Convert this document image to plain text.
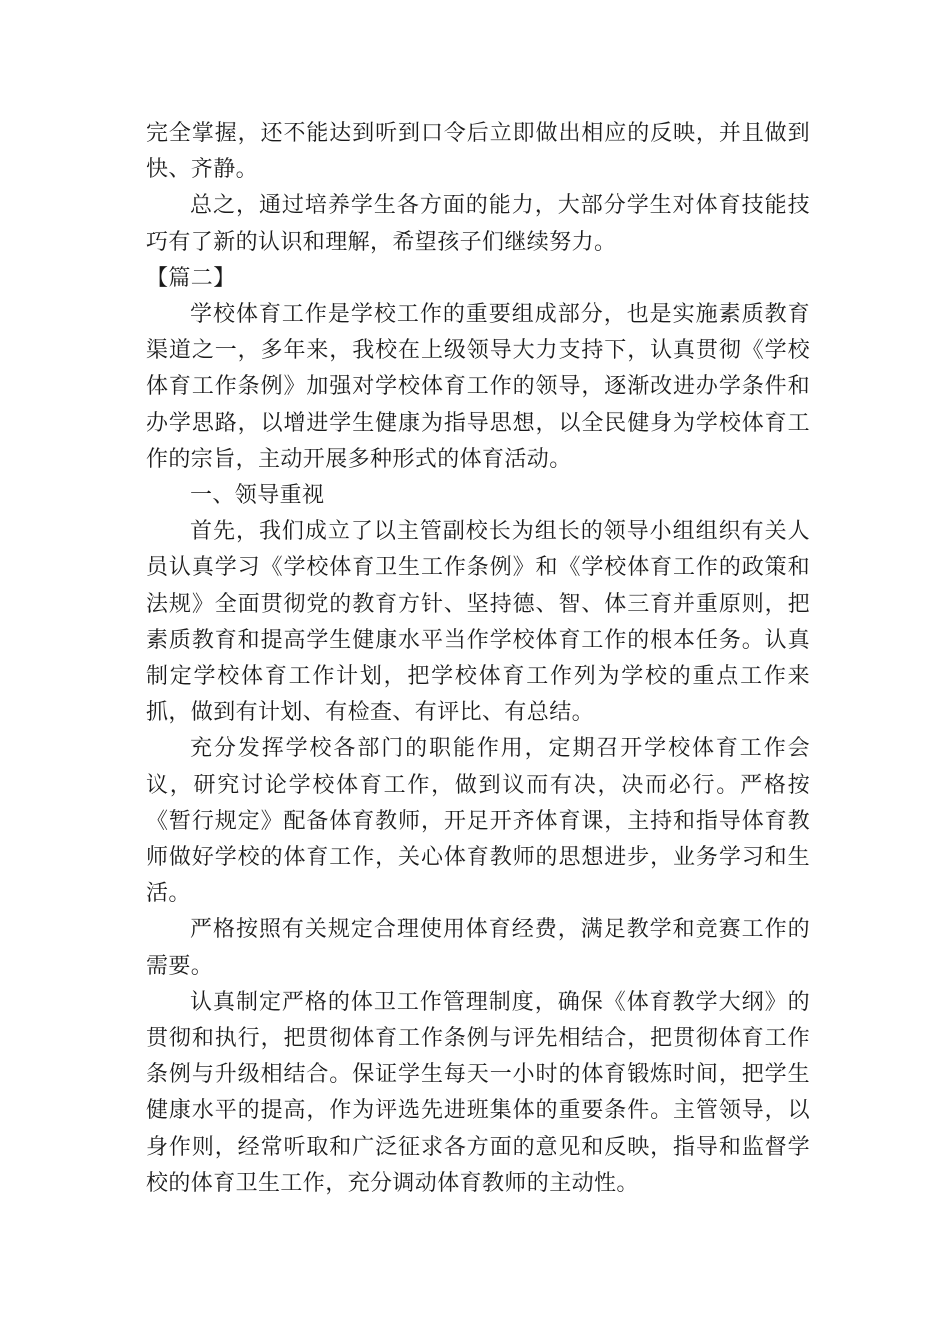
完全掌握，还不能达到听到口令后立即做出相应的反映，并且做到快、齐静。

总之，通过培养学生各方面的能力，大部分学生对体育技能技巧有了新的认识和理解，希望孩子们继续努力。

【篇二】

学校体育工作是学校工作的重要组成部分，也是实施素质教育渠道之一，多年来，我校在上级领导大力支持下，认真贯彻《学校体育工作条例》加强对学校体育工作的领导，逐渐改进办学条件和办学思路，以增进学生健康为指导思想，以全民健身为学校体育工作的宗旨，主动开展多种形式的体育活动。

一、领导重视

首先，我们成立了以主管副校长为组长的领导小组组织有关人员认真学习《学校体育卫生工作条例》和《学校体育工作的政策和法规》全面贯彻党的教育方针、坚持德、智、体三育并重原则，把素质教育和提高学生健康水平当作学校体育工作的根本任务。认真制定学校体育工作计划，把学校体育工作列为学校的重点工作来抓，做到有计划、有检查、有评比、有总结。

充分发挥学校各部门的职能作用，定期召开学校体育工作会议，研究讨论学校体育工作，做到议而有决，决而必行。严格按《暂行规定》配备体育教师，开足开齐体育课，主持和指导体育教师做好学校的体育工作，关心体育教师的思想进步，业务学习和生活。

严格按照有关规定合理使用体育经费，满足教学和竞赛工作的需要。

认真制定严格的体卫工作管理制度，确保《体育教学大纲》的贯彻和执行，把贯彻体育工作条例与评先相结合，把贯彻体育工作条例与升级相结合。保证学生每天一小时的体育锻炼时间，把学生健康水平的提高，作为评选先进班集体的重要条件。主管领导，以身作则，经常听取和广泛征求各方面的意见和反映，指导和监督学校的体育卫生工作，充分调动体育教师的主动性。
